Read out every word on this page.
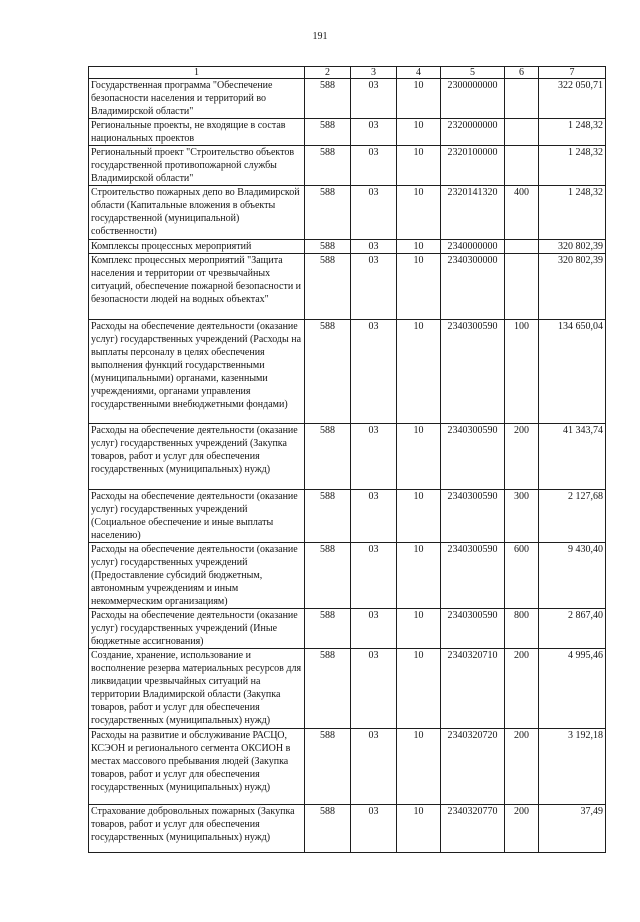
191
1	2	3	4	5	6	7
Государственная программа "Обеспечение безопасности населения и территорий во Владимирской области"	588	03	10	2300000000		322 050,71
Региональные проекты, не входящие в состав национальных проектов	588	03	10	2320000000		1 248,32
Региональный проект "Строительство объектов государственной противопожарной службы Владимирской области"	588	03	10	2320100000		1 248,32
Строительство пожарных депо во Владимирской области (Капитальные вложения в объекты государственной (муниципальной) собственности)	588	03	10	2320141320	400	1 248,32
Комплексы процессных мероприятий	588	03	10	2340000000		320 802,39
Комплекс процессных мероприятий "Защита населения и территории от чрезвычайных ситуаций, обеспечение пожарной безопасности и безопасности людей на водных объектах"	588	03	10	2340300000		320 802,39
Расходы на обеспечение деятельности (оказание услуг) государственных учреждений (Расходы на выплаты персоналу в целях обеспечения выполнения функций государственными (муниципальными) органами, казенными учреждениями, органами управления государственными внебюджетными фондами)	588	03	10	2340300590	100	134 650,04
Расходы на обеспечение деятельности (оказание услуг) государственных учреждений (Закупка товаров, работ и услуг для обеспечения государственных (муниципальных) нужд)	588	03	10	2340300590	200	41 343,74
Расходы на обеспечение деятельности (оказание услуг) государственных учреждений (Социальное обеспечение и иные выплаты населению)	588	03	10	2340300590	300	2 127,68
Расходы на обеспечение деятельности (оказание услуг) государственных учреждений (Предоставление субсидий бюджетным, автономным учреждениям и иным некоммерческим организациям)	588	03	10	2340300590	600	9 430,40
Расходы на обеспечение деятельности (оказание услуг) государственных учреждений (Иные бюджетные ассигнования)	588	03	10	2340300590	800	2 867,40
Создание, хранение, использование и восполнение резерва материальных ресурсов для ликвидации чрезвычайных ситуаций на территории Владимирской области (Закупка товаров, работ и услуг для обеспечения государственных (муниципальных) нужд)	588	03	10	2340320710	200	4 995,46
Расходы на развитие и обслуживание РАСЦО, КСЭОН и регионального сегмента ОКСИОН в местах массового пребывания людей (Закупка товаров, работ и услуг для обеспечения государственных (муниципальных) нужд)	588	03	10	2340320720	200	3 192,18
Страхование добровольных пожарных (Закупка товаров, работ и услуг для обеспечения государственных (муниципальных) нужд)	588	03	10	2340320770	200	37,49
